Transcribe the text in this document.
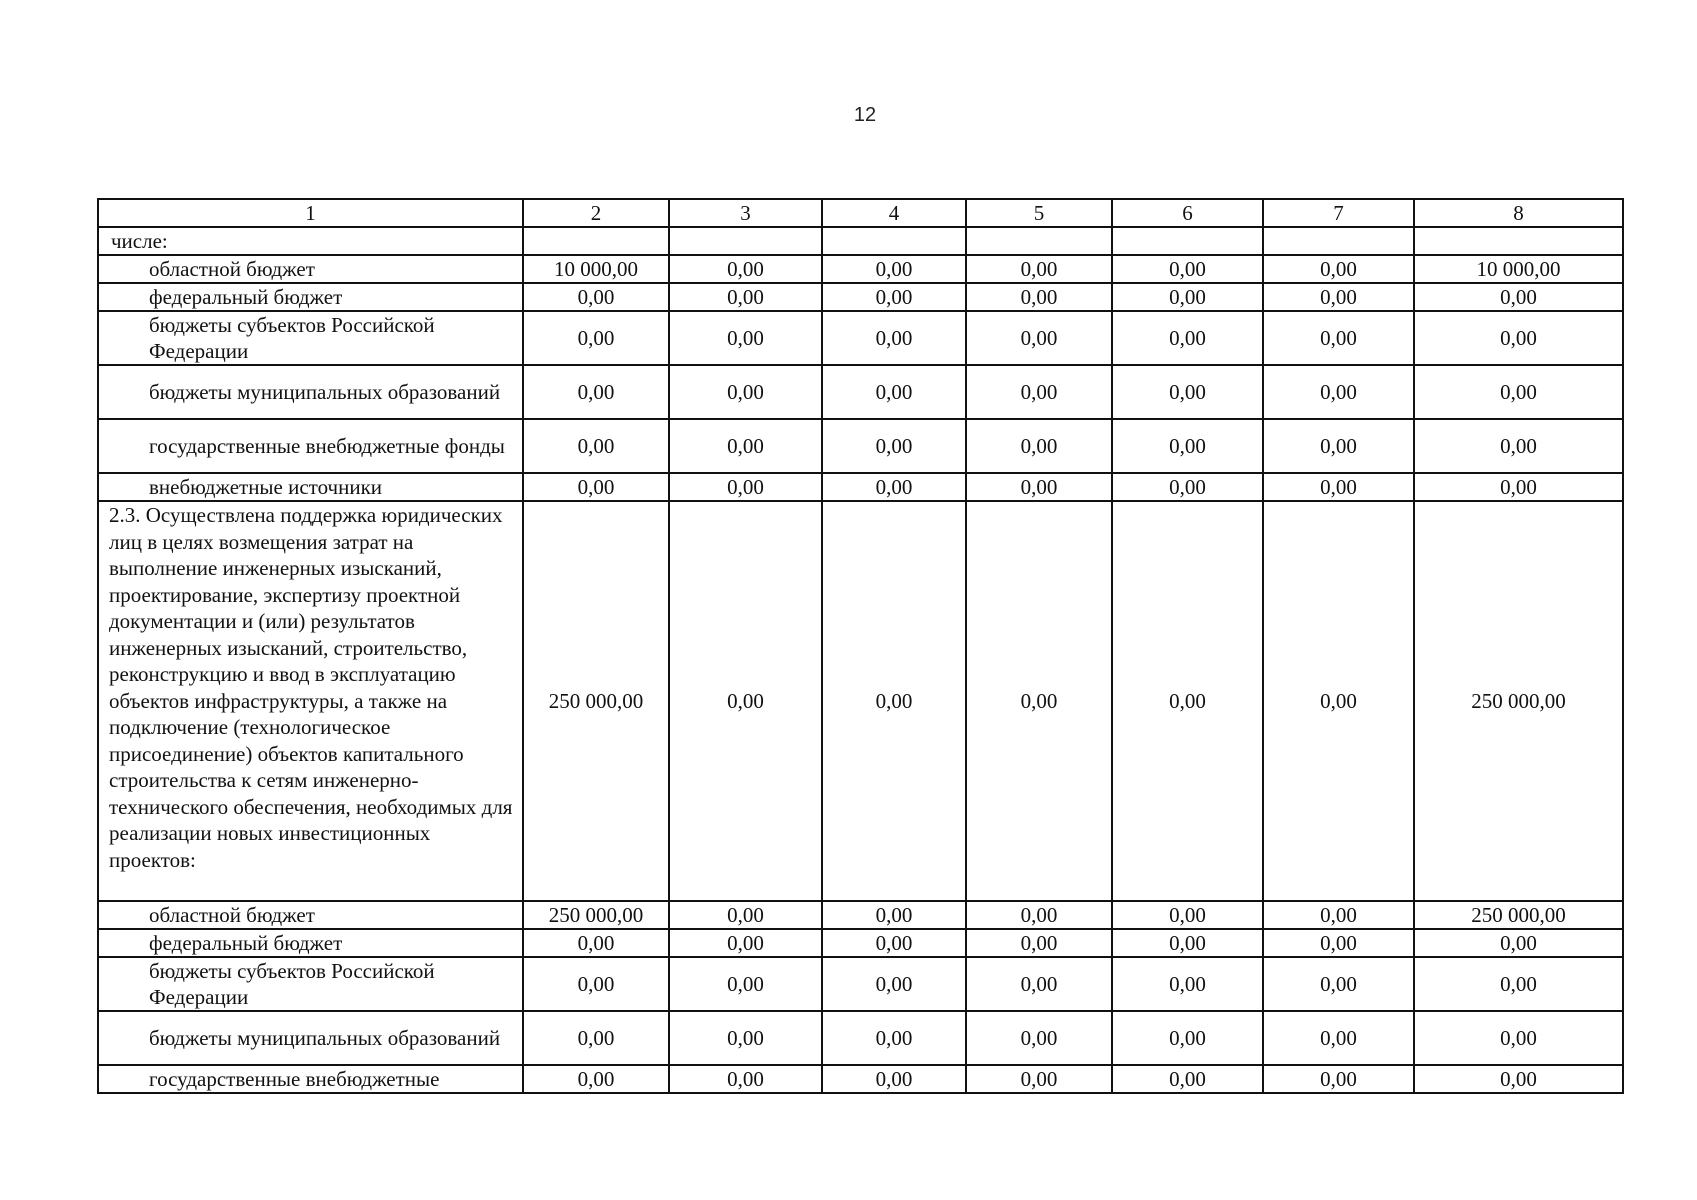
12
1	2	3	4	5	6	7	8
числе:							
областной бюджет	10 000,00	0,00	0,00	0,00	0,00	0,00	10 000,00
федеральный бюджет	0,00	0,00	0,00	0,00	0,00	0,00	0,00
бюджеты субъектов Российской Федерации	0,00	0,00	0,00	0,00	0,00	0,00	0,00
бюджеты муниципальных образований	0,00	0,00	0,00	0,00	0,00	0,00	0,00
государственные внебюджетные фонды	0,00	0,00	0,00	0,00	0,00	0,00	0,00
внебюджетные источники	0,00	0,00	0,00	0,00	0,00	0,00	0,00
2.3. Осуществлена поддержка юридических лиц в целях возмещения затрат на выполнение инженерных изысканий, проектирование, экспертизу проектной документации и (или) результатов инженерных изысканий, строительство, реконструкцию и ввод в эксплуатацию объектов инфраструктуры, а также на подключение (технологическое присоединение) объектов капитального строительства к сетям инженерно-технического обеспечения, необходимых для реализации новых инвестиционных проектов:	250 000,00	0,00	0,00	0,00	0,00	0,00	250 000,00
областной бюджет	250 000,00	0,00	0,00	0,00	0,00	0,00	250 000,00
федеральный бюджет	0,00	0,00	0,00	0,00	0,00	0,00	0,00
бюджеты субъектов Российской Федерации	0,00	0,00	0,00	0,00	0,00	0,00	0,00
бюджеты муниципальных образований	0,00	0,00	0,00	0,00	0,00	0,00	0,00
государственные внебюджетные	0,00	0,00	0,00	0,00	0,00	0,00	0,00
